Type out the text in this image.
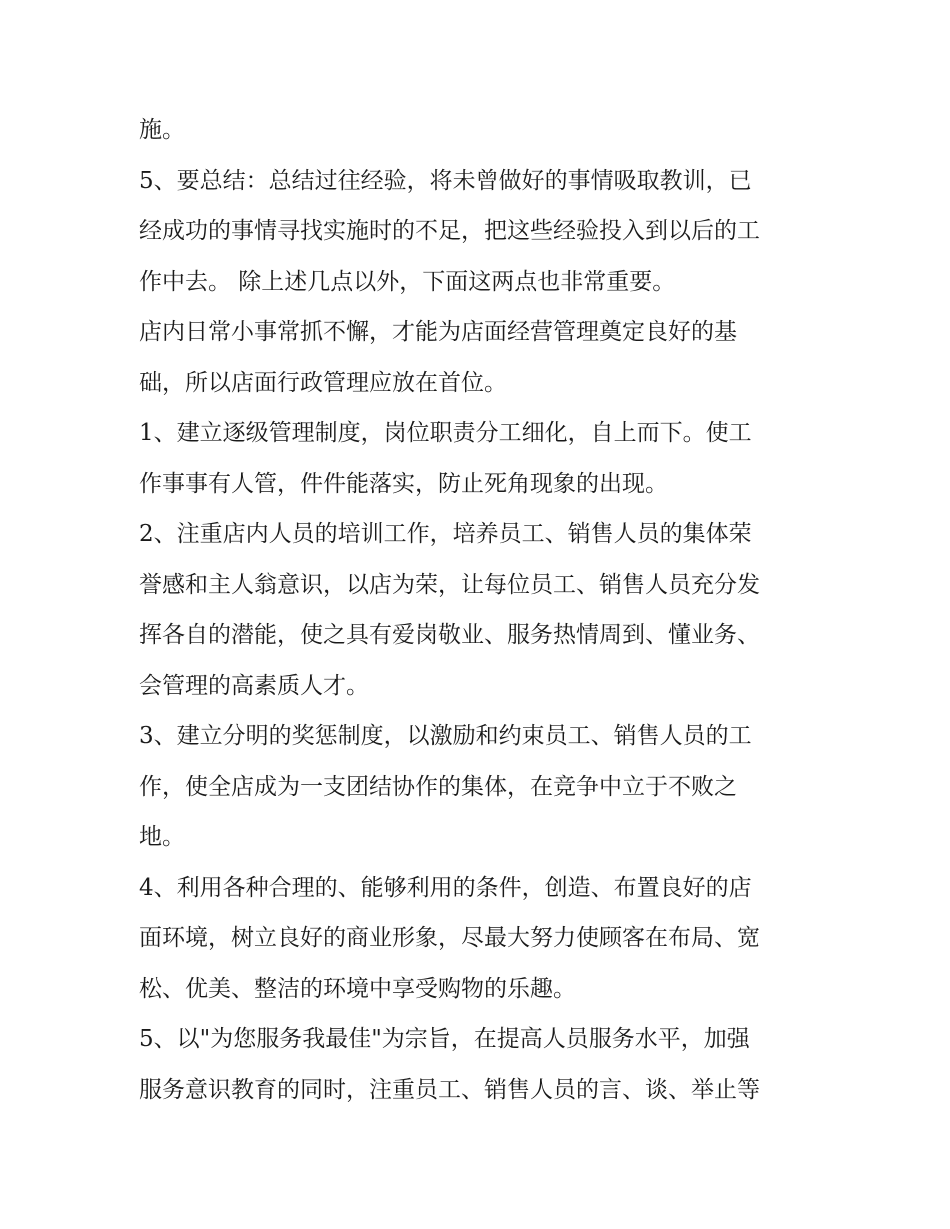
施。

5、要总结：总结过往经验，将未曾做好的事情吸取教训，已
经成功的事情寻找实施时的不足，把这些经验投入到以后的工
作中去。 除上述几点以外，下面这两点也非常重要。

店内日常小事常抓不懈，才能为店面经营管理奠定良好的基
础，所以店面行政管理应放在首位。

1、建立逐级管理制度，岗位职责分工细化，自上而下。使工
作事事有人管，件件能落实，防止死角现象的出现。

2、注重店内人员的培训工作，培养员工、销售人员的集体荣
誉感和主人翁意识，以店为荣，让每位员工、销售人员充分发
挥各自的潜能，使之具有爱岗敬业、服务热情周到、懂业务、
会管理的高素质人才。

3、建立分明的奖惩制度，以激励和约束员工、销售人员的工
作，使全店成为一支团结协作的集体，在竞争中立于不败之
地。

4、利用各种合理的、能够利用的条件，创造、布置良好的店
面环境，树立良好的商业形象，尽最大努力使顾客在布局、宽
松、优美、整洁的环境中享受购物的乐趣。

5、以"为您服务我最佳"为宗旨，在提高人员服务水平，加强
服务意识教育的同时，注重员工、销售人员的言、谈、举止等
